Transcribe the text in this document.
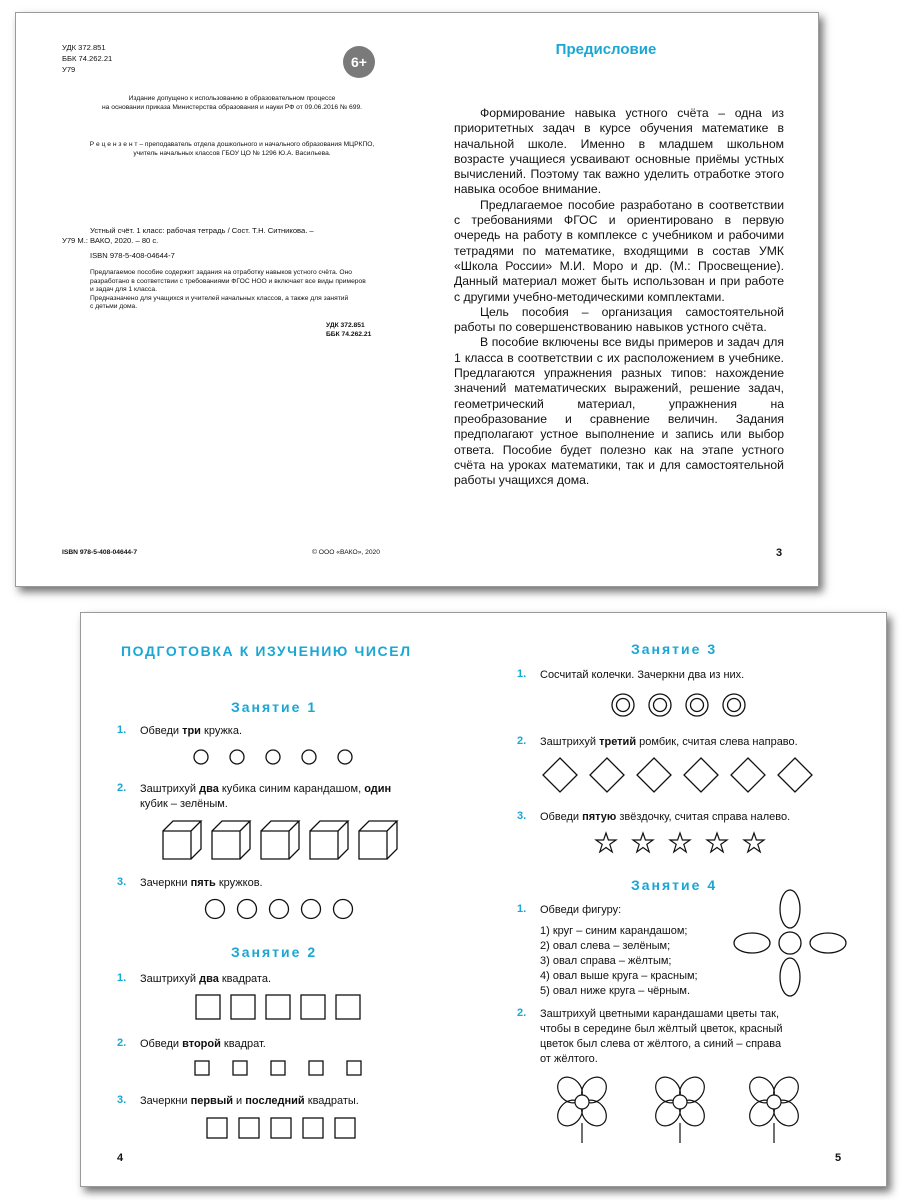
УДК 372.851
ББК 74.262.21
У79	6+
Издание допущено к использованию в образовательном процессе
на основании приказа Министерства образования и науки РФ от 09.06.2016 № 699.
Р е ц е н з е н т – преподаватель отдела дошкольного и начального образования МЦРКПО,
учитель начальных классов ГБОУ ЦО № 1296 Ю.А. Васильева.
Устный счёт. 1 класс: рабочая тетрадь / Сост. Т.Н. Ситникова. –
У79 М.: ВАКО, 2020. – 80 с.
ISBN 978-5-408-04644-7
Предлагаемое пособие содержит задания на отработку навыков устного счёта. Оно
разработано в соответствии с требованиями ФГОС НОО и включает все виды примеров
и задач для 1 класса.
Предназначено для учащихся и учителей начальных классов, а также для занятий
с детьми дома.
УДК 372.851
ББК 74.262.21
ISBN 978-5-408-04644-7	© ООО «ВАКО», 2020
Предисловие

Формирование навыка устного счёта – одна из приоритетных задач в курсе обучения математике в начальной школе. Именно в младшем школьном возрасте учащиеся усваивают основные приёмы устных вычислений. Поэтому так важно уделить отработке этого навыка особое внимание.

Предлагаемое пособие разработано в соответствии с требованиями ФГОС и ориентировано в первую очередь на работу в комплексе с учебником и рабочими тетрадями по математике, входящими в состав УМК «Школа России» М.И. Моро и др. (М.: Просвещение). Данный материал может быть использован и при работе с другими учебно-методическими комплектами.

Цель пособия – организация самостоятельной работы по совершенствованию навыков устного счёта.

В пособие включены все виды примеров и задач для 1 класса в соответствии с их расположением в учебнике. Предлагаются упражнения разных типов: нахождение значений математических выражений, решение задач, геометрический материал, упражнения на преобразование и сравнение величин. Задания предполагают устное выполнение и запись или выбор ответа. Пособие будет полезно как на этапе устного счёта на уроках математики, так и для самостоятельной работы учащихся дома.

3
ПОДГОТОВКА К ИЗУЧЕНИЮ ЧИСЕЛ
Занятие 1
1. Обведи три кружка.
2. Заштрихуй два кубика синим карандашом, один
кубик – зелёным.
3. Зачеркни пять кружков.
Занятие 2
1. Заштрихуй два квадрата.
2. Обведи второй квадрат.
3. Зачеркни первый и последний квадраты.
4
Занятие 3
1. Сосчитай колечки. Зачеркни два из них.
2. Заштрихуй третий ромбик, считая слева направо.
3. Обведи пятую звёздочку, считая справа налево.
Занятие 4
1. Обведи фигуру:
1) круг – синим карандашом;
2) овал слева – зелёным;
3) овал справа – жёлтым;
4) овал выше круга – красным;
5) овал ниже круга – чёрным.
2. Заштрихуй цветными карандашами цветы так,
чтобы в середине был жёлтый цветок, красный
цветок был слева от жёлтого, а синий – справа
от жёлтого.
5
